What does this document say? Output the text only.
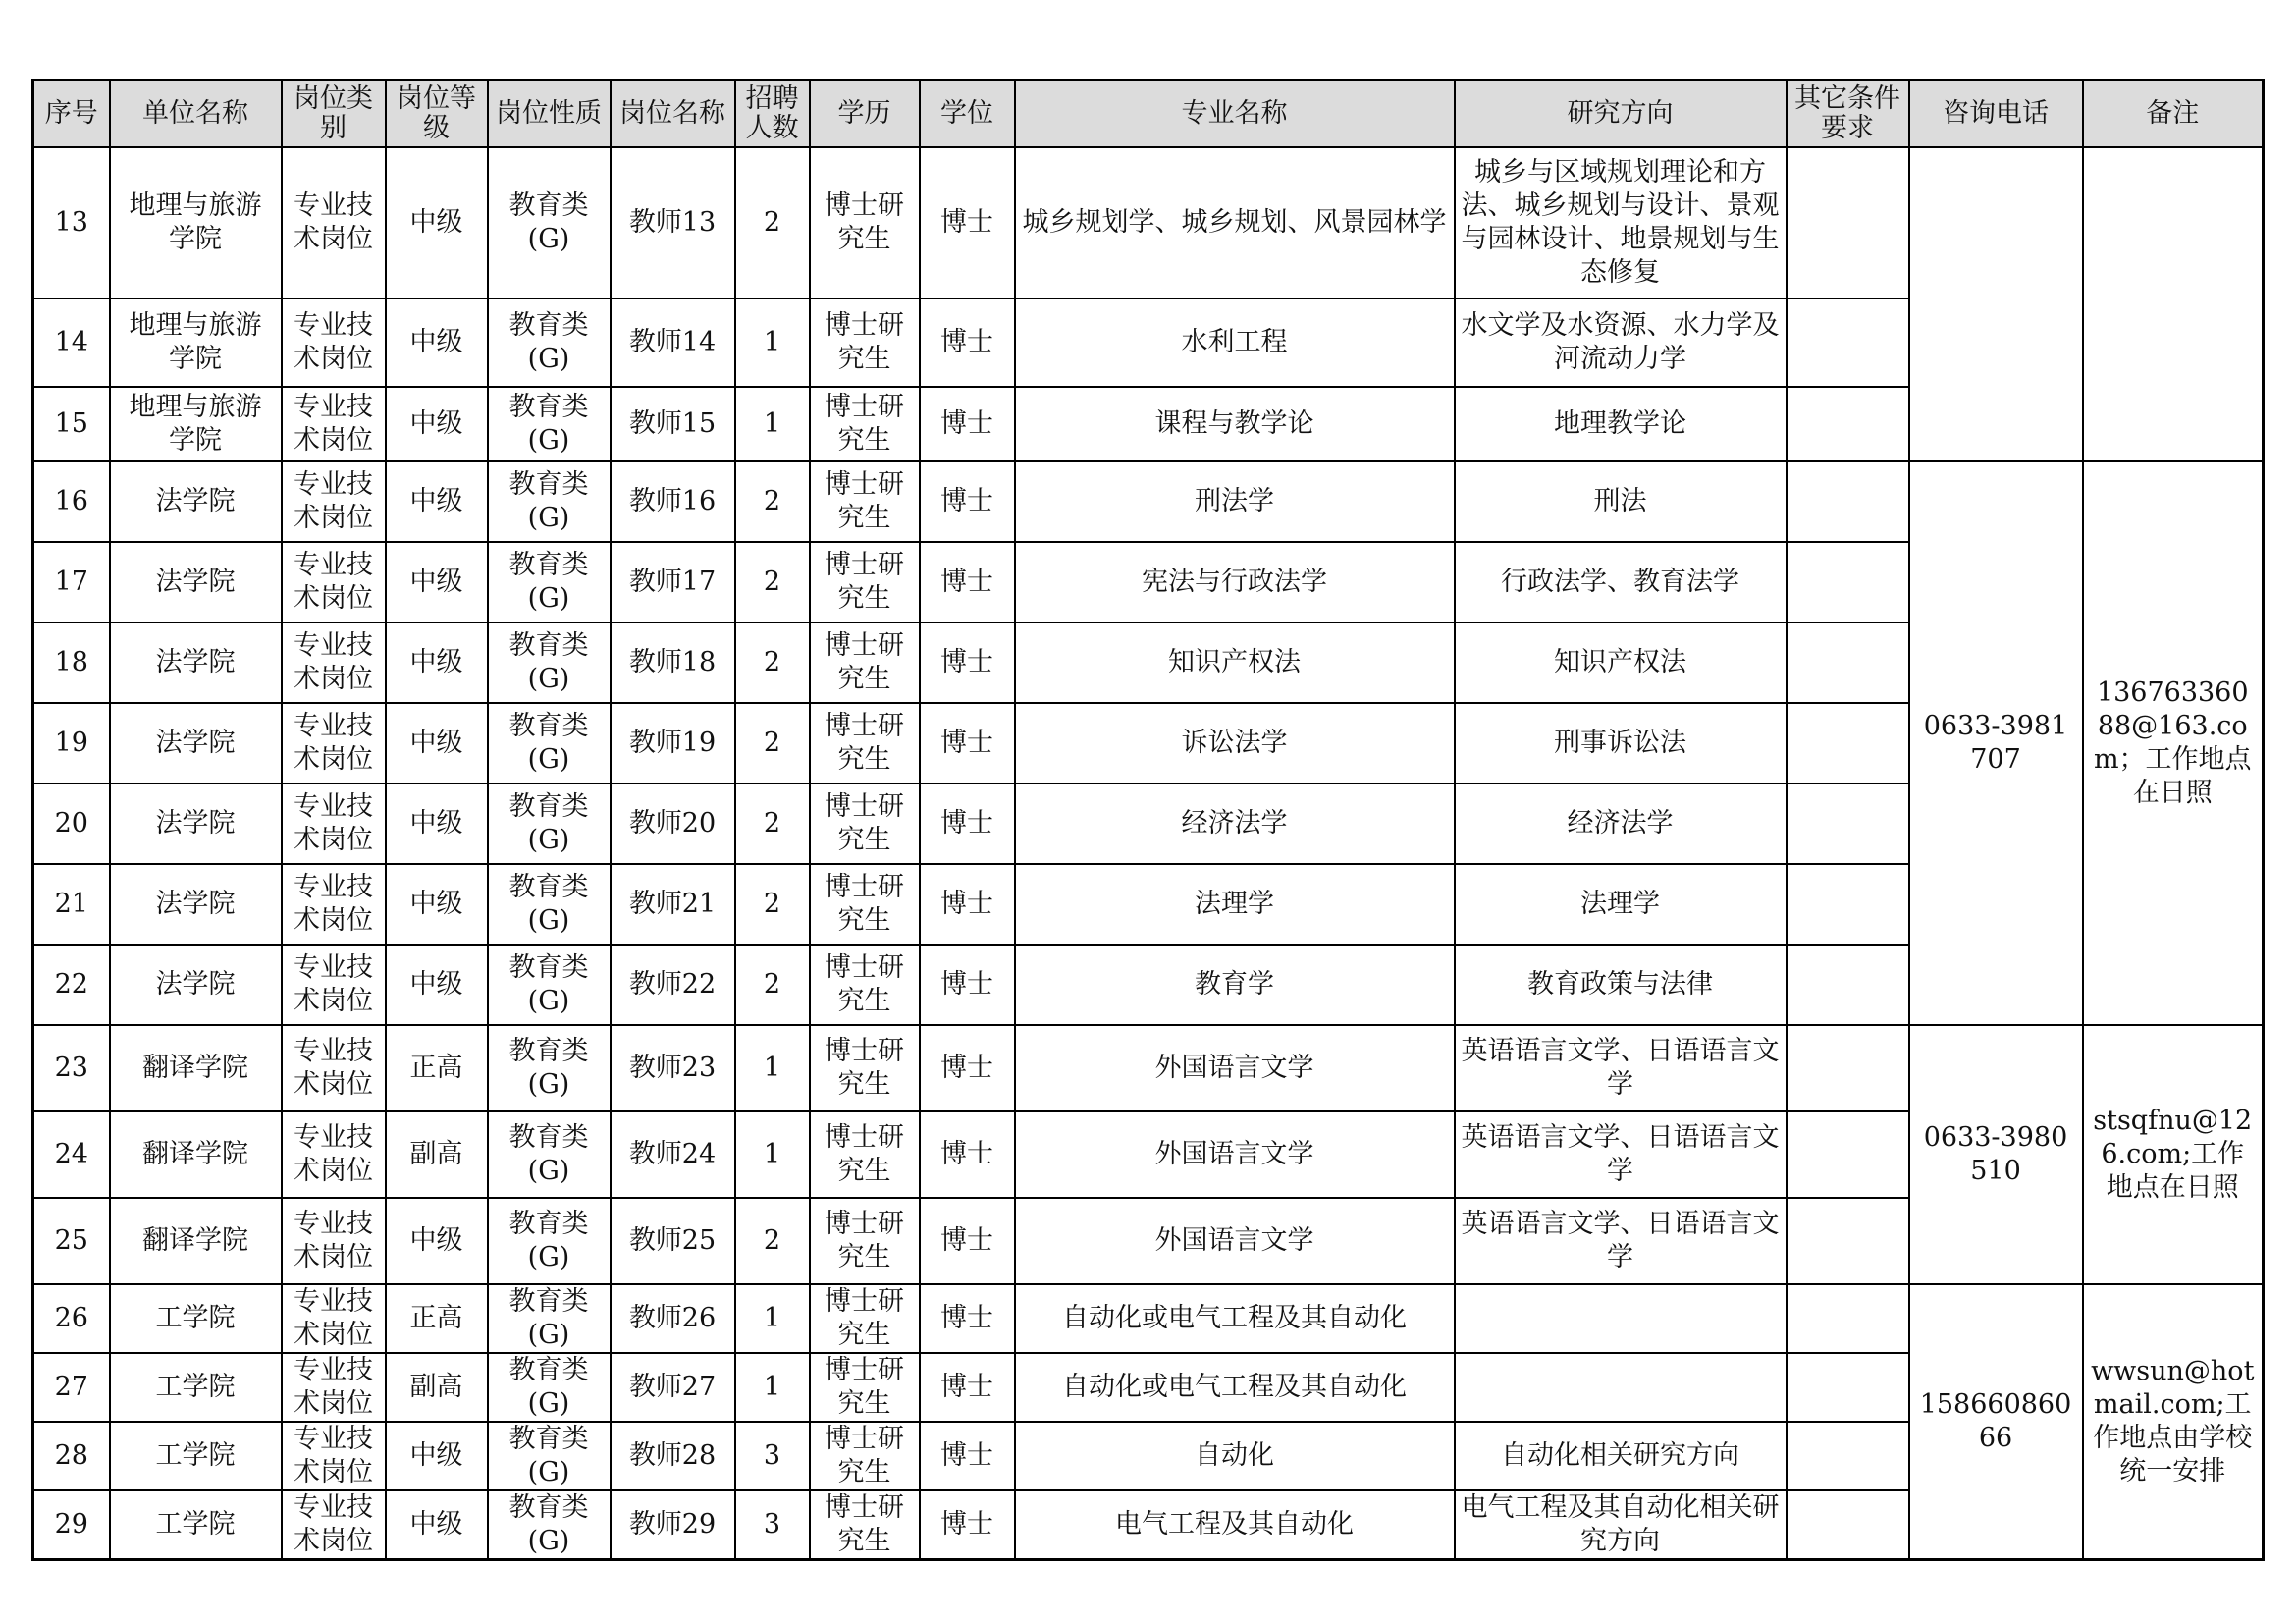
序号	单位名称	岗位类别	岗位等级	岗位性质	岗位名称	招聘人数	学历	学位	专业名称	研究方向	其它条件要求	咨询电话	备注
13	地理与旅游学院	专业技术岗位	中级	教育类(G)	教师13	2	博士研究生	博士	城乡规划学、城乡规划、风景园林学	城乡与区域规划理论和方法、城乡规划与设计、景观与园林设计、地景规划与生态修复			
14	地理与旅游学院	专业技术岗位	中级	教育类(G)	教师14	1	博士研究生	博士	水利工程	水文学及水资源、水力学及河流动力学			
15	地理与旅游学院	专业技术岗位	中级	教育类(G)	教师15	1	博士研究生	博士	课程与教学论	地理教学论			
16	法学院	专业技术岗位	中级	教育类(G)	教师16	2	博士研究生	博士	刑法学	刑法		0633-3981707	13676336088@163.com；工作地点在日照
17	法学院	专业技术岗位	中级	教育类(G)	教师17	2	博士研究生	博士	宪法与行政法学	行政法学、教育法学			
18	法学院	专业技术岗位	中级	教育类(G)	教师18	2	博士研究生	博士	知识产权法	知识产权法			
19	法学院	专业技术岗位	中级	教育类(G)	教师19	2	博士研究生	博士	诉讼法学	刑事诉讼法			
20	法学院	专业技术岗位	中级	教育类(G)	教师20	2	博士研究生	博士	经济法学	经济法学			
21	法学院	专业技术岗位	中级	教育类(G)	教师21	2	博士研究生	博士	法理学	法理学			
22	法学院	专业技术岗位	中级	教育类(G)	教师22	2	博士研究生	博士	教育学	教育政策与法律			
23	翻译学院	专业技术岗位	正高	教育类(G)	教师23	1	博士研究生	博士	外国语言文学	英语语言文学、日语语言文学		0633-3980510	stsqfnu@126.com;工作地点在日照
24	翻译学院	专业技术岗位	副高	教育类(G)	教师24	1	博士研究生	博士	外国语言文学	英语语言文学、日语语言文学			
25	翻译学院	专业技术岗位	中级	教育类(G)	教师25	2	博士研究生	博士	外国语言文学	英语语言文学、日语语言文学			
26	工学院	专业技术岗位	正高	教育类(G)	教师26	1	博士研究生	博士	自动化或电气工程及其自动化			15866086066	wwsun@hotmail.com;工作地点由学校统一安排
27	工学院	专业技术岗位	副高	教育类(G)	教师27	1	博士研究生	博士	自动化或电气工程及其自动化				
28	工学院	专业技术岗位	中级	教育类(G)	教师28	3	博士研究生	博士	自动化	自动化相关研究方向			
29	工学院	专业技术岗位	中级	教育类(G)	教师29	3	博士研究生	博士	电气工程及其自动化	电气工程及其自动化相关研究方向			
